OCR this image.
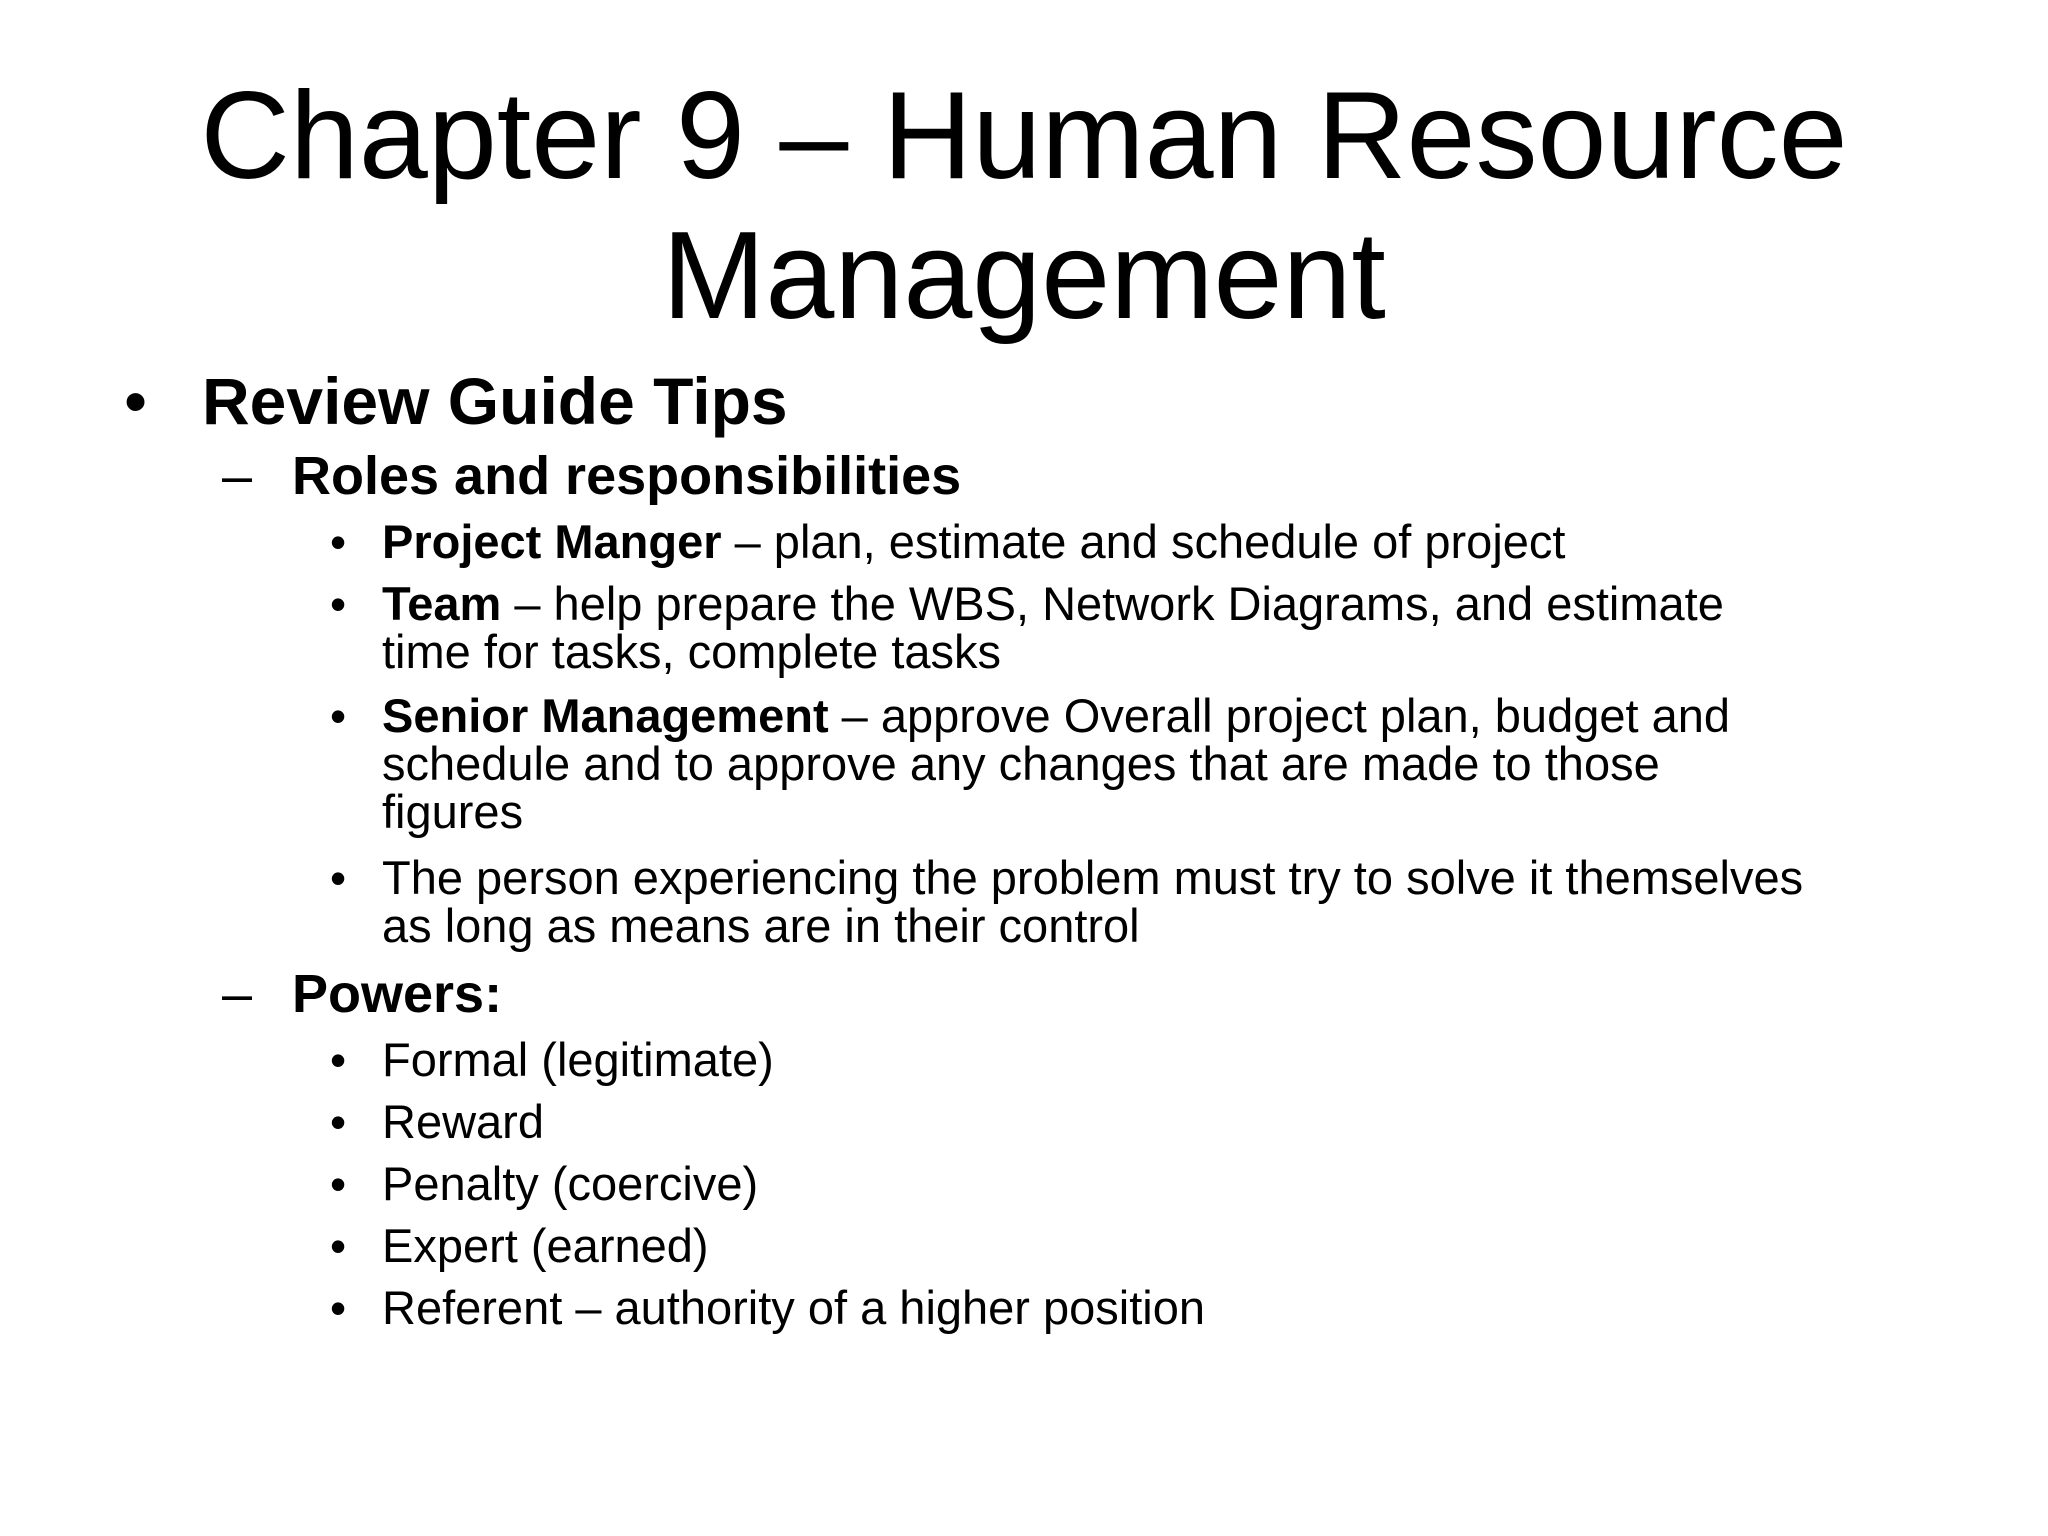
Chapter 9 – Human Resource
Management
• Review Guide Tips
– Roles and responsibilities
• Project Manger – plan, estimate and schedule of project
• Team – help prepare the WBS, Network Diagrams, and estimate
time for tasks, complete tasks
• Senior Management – approve Overall project plan, budget and
schedule and to approve any changes that are made to those
figures
• The person experiencing the problem must try to solve it themselves
as long as means are in their control
– Powers:
• Formal (legitimate)
• Reward
• Penalty (coercive)
• Expert (earned)
• Referent – authority of a higher position
